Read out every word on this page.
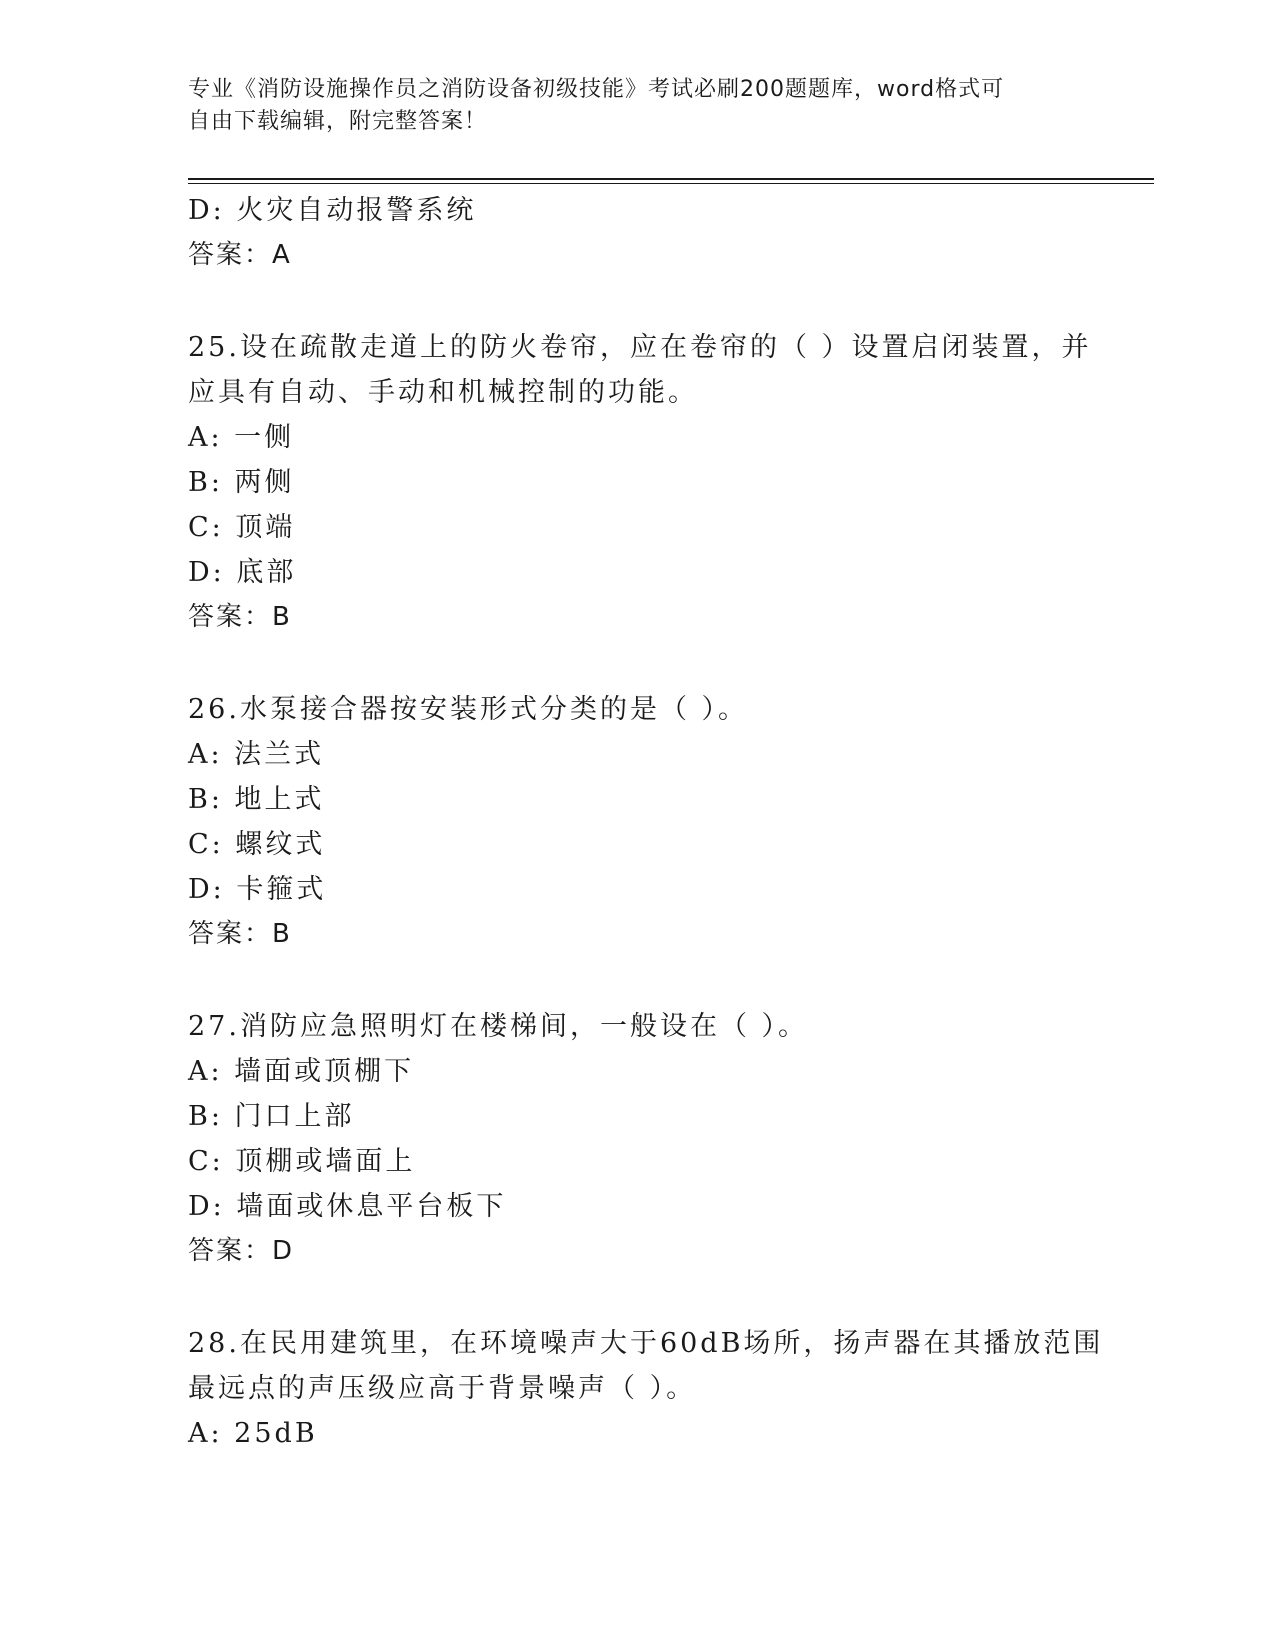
专业《消防设施操作员之消防设备初级技能》考试必刷200题题库，word格式可
自由下载编辑，附完整答案！
D: 火灾自动报警系统
答案：A
25.设在疏散走道上的防火卷帘，应在卷帘的（ ）设置启闭装置，并
应具有自动、手动和机械控制的功能。
A: 一侧
B: 两侧
C: 顶端
D: 底部
答案：B
26.水泵接合器按安装形式分类的是（ ）。
A: 法兰式
B: 地上式
C: 螺纹式
D: 卡箍式
答案：B
27.消防应急照明灯在楼梯间，一般设在（ ）。
A: 墙面或顶棚下
B: 门口上部
C: 顶棚或墙面上
D: 墙面或休息平台板下
答案：D
28.在民用建筑里，在环境噪声大于60dB场所，扬声器在其播放范围
最远点的声压级应高于背景噪声（ ）。
A: 25dB
